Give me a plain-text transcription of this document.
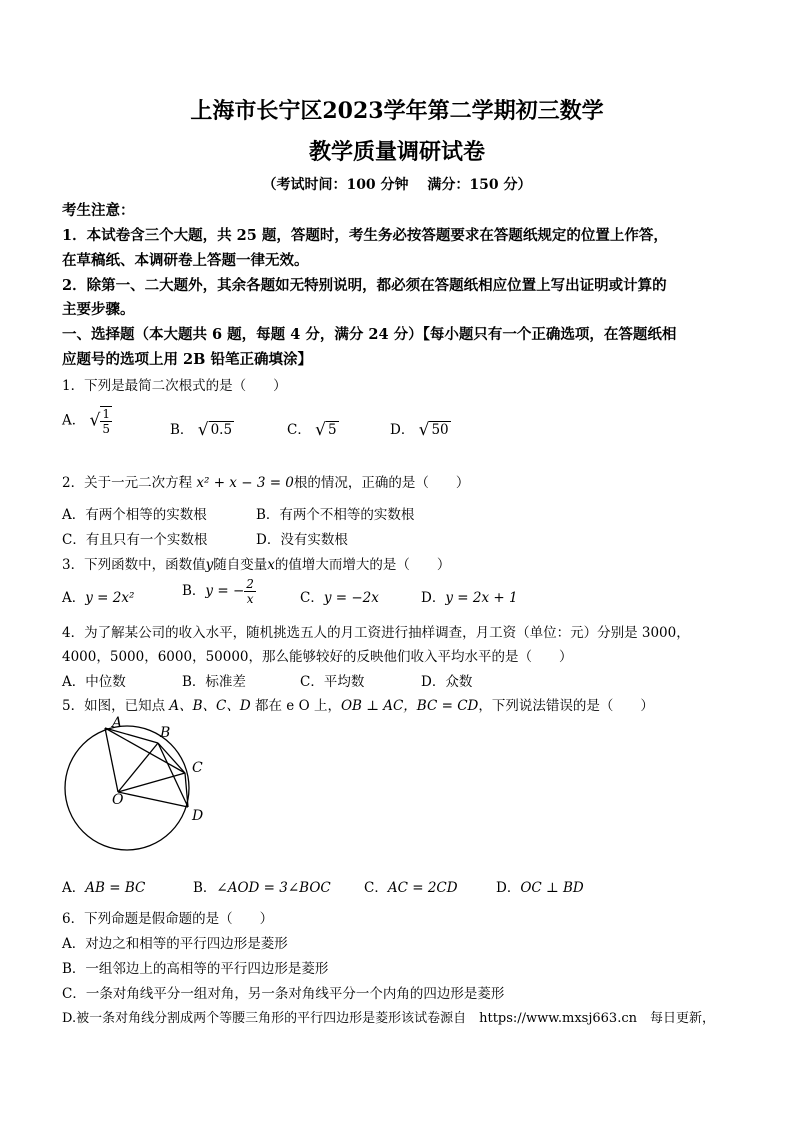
上海市长宁区2023学年第二学期初三数学
教学质量调研试卷
（考试时间：100 分钟　 满分：150 分）
考生注意：
1．本试卷含三个大题，共 25 题，答题时，考生务必按答题要求在答题纸规定的位置上作答，
在草稿纸、本调研卷上答题一律无效。
2．除第一、二大题外，其余各题如无特别说明，都必须在答题纸相应位置上写出证明或计算的
主要步骤。
一、选择题（本大题共 6 题，每题 4 分，满分 24 分）【每小题只有一个正确选项，在答题纸相
应题号的选项上用 2B 铅笔正确填涂】
1．下列是最简二次根式的是（　　）
A． √ $\frac{1}{5}$	B． √ 0.5	C． √ 5	D． √ 50
2．关于一元二次方程 x² + x − 3 = 0根的情况，正确的是（　　）
A．有两个相等的实数根	B．有两个不相等的实数根
C．有且只有一个实数根	D．没有实数根
3．下列函数中，函数值y随自变量x的值增大而增大的是（　　）
A．y = 2x²	B．y = − $\frac{2}{x}$	C．y = −2x	D．y = 2x + 1
4．为了解某公司的收入水平，随机挑选五人的月工资进行抽样调查，月工资（单位：元）分别是 3000，
4000，5000，6000，50000，那么能够较好的反映他们收入平均水平的是（　　）
A．中位数	B．标准差	C．平均数	D．众数
5．如图，已知点 A、B、C、D 都在 e O 上，OB ⊥ AC，BC = CD，下列说法错误的是（　　）
A
B
C
D
O
A．AB = BC	B．∠AOD = 3∠BOC C．AC = 2CD	D．OC ⊥ BD
6．下列命题是假命题的是（　　）
A．对边之和相等的平行四边形是菱形
B．一组邻边上的高相等的平行四边形是菱形
C．一条对角线平分一组对角，另一条对角线平分一个内角的四边形是菱形
D.被一条对角线分割成两个等腰三角形的平行四边形是菱形该试卷源自　https://www.mxsj663.cn　每日更新，
